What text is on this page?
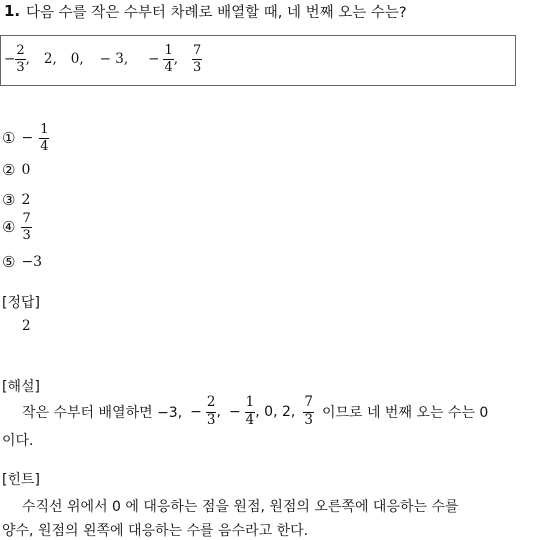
1. 다음 수를 작은 수부터 차례로 배열할 때, 네 번째 오는 수는?
− $\frac{2}{3}$ , 2, 0, − 3, − $\frac{1}{4}$ , $\frac{7}{3}$
① − $\frac{1}{4}$
② 0
③ 2
④ $\frac{7}{3}$
⑤ −3
[정답]
2
[해설]
작은 수부터 배열하면 −3, − $\frac{2}{3}$ , − $\frac{1}{4}$ , 0, 2, $\frac{7}{3}$ 이므로 네 번째 오는 수는 0
이다.
[힌트]
수직선 위에서 0 에 대응하는 점을 원점, 원점의 오른쪽에 대응하는 수를
양수, 원점의 왼쪽에 대응하는 수를 음수라고 한다.
